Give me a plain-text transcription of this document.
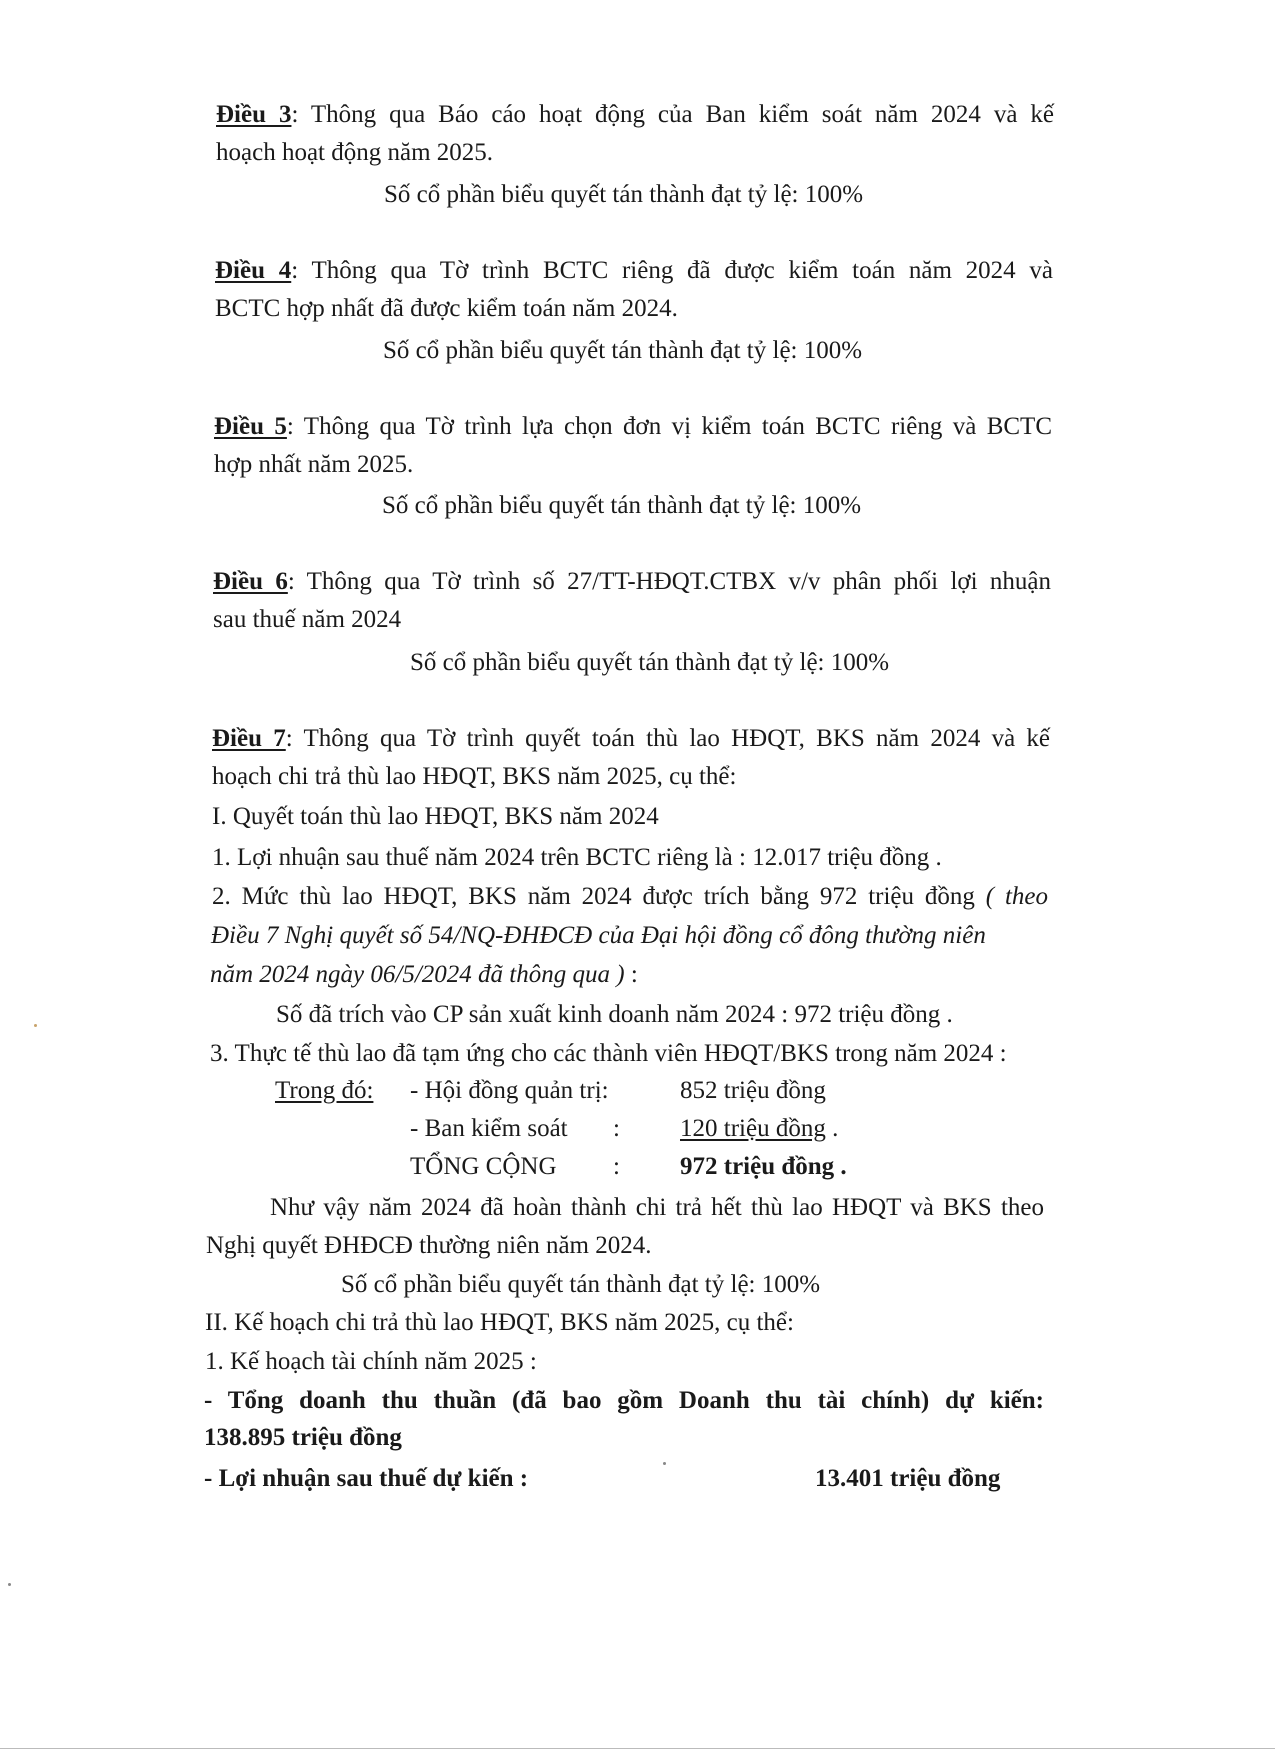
Điều 3: Thông qua Báo cáo hoạt động của Ban kiểm soát năm 2024 và kế
hoạch hoạt động năm 2025.
Số cổ phần biểu quyết tán thành đạt tỷ lệ: 100%
Điều 4: Thông qua Tờ trình BCTC riêng đã được kiểm toán năm 2024 và
BCTC hợp nhất đã được kiểm toán năm 2024.
Số cổ phần biểu quyết tán thành đạt tỷ lệ: 100%
Điều 5: Thông qua Tờ trình lựa chọn đơn vị kiểm toán BCTC riêng và BCTC
hợp nhất năm 2025.
Số cổ phần biểu quyết tán thành đạt tỷ lệ: 100%
Điều 6: Thông qua Tờ trình số 27/TT-HĐQT.CTBX v/v phân phối lợi nhuận
sau thuế năm 2024
Số cổ phần biểu quyết tán thành đạt tỷ lệ: 100%
Điều 7: Thông qua Tờ trình quyết toán thù lao HĐQT, BKS năm 2024 và kế
hoạch chi trả thù lao HĐQT, BKS năm 2025, cụ thể:
I. Quyết toán thù lao HĐQT, BKS năm 2024
1. Lợi nhuận sau thuế năm 2024 trên BCTC riêng là : 12.017 triệu đồng .
2. Mức thù lao HĐQT, BKS năm 2024 được trích bằng 972 triệu đồng ( theo
Điều 7 Nghị quyết số 54/NQ-ĐHĐCĐ của Đại hội đồng cổ đông thường niên
năm 2024 ngày 06/5/2024 đã thông qua ) :
Số đã trích vào CP sản xuất kinh doanh năm 2024 : 972 triệu đồng .
3. Thực tế thù lao đã tạm ứng cho các thành viên HĐQT/BKS trong năm 2024 :
Trong đó: - Hội đồng quản trị:	852 triệu đồng
- Ban kiểm soát : 120 triệu đồng .
TỔNG CỘNG : 972 triệu đồng .
Như vậy năm 2024 đã hoàn thành chi trả hết thù lao HĐQT và BKS theo
Nghị quyết ĐHĐCĐ thường niên năm 2024.
Số cổ phần biểu quyết tán thành đạt tỷ lệ: 100%
II. Kế hoạch chi trả thù lao HĐQT, BKS năm 2025, cụ thể:
1. Kế hoạch tài chính năm 2025 :
- Tổng doanh thu thuần (đã bao gồm Doanh thu tài chính) dự kiến:
138.895 triệu đồng
- Lợi nhuận sau thuế dự kiến :	13.401 triệu đồng
